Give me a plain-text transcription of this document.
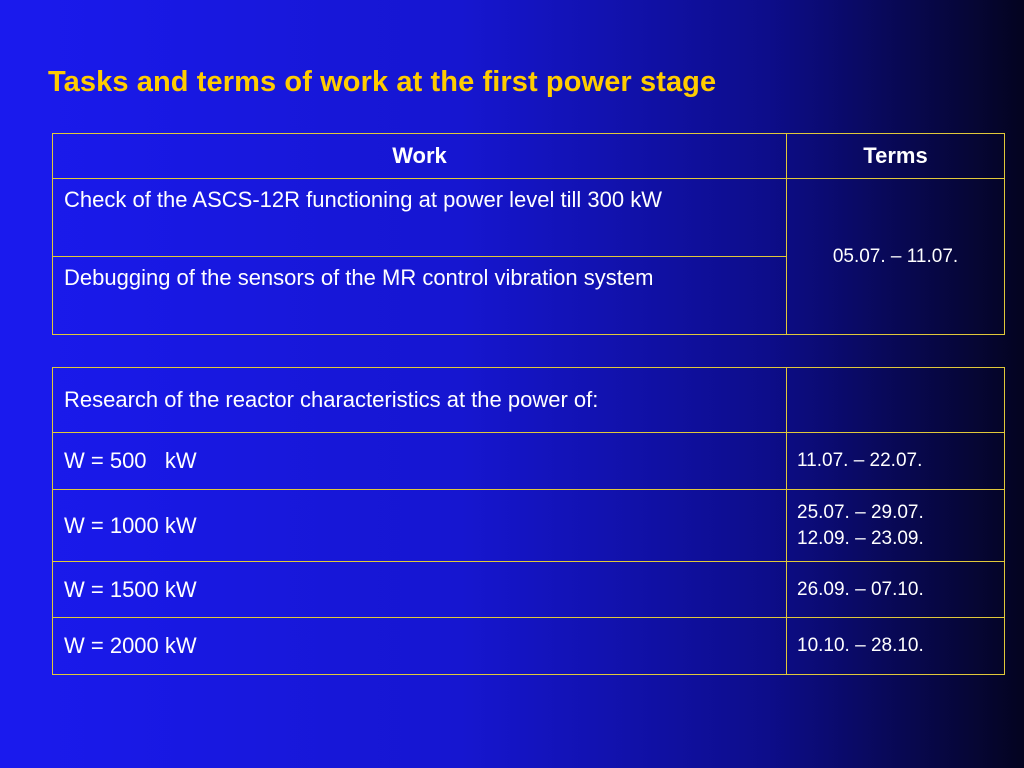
Tasks and terms of work at the first power stage
Work	Terms
Check of the ASCS-12R functioning at power level till 300 kW	05.07. – 11.07.
Debugging of the sensors of the MR control vibration system	
Research of the reactor characteristics at the power of:	
W = 500   kW	11.07. – 22.07.

W = 1000 kW	25.07. – 29.07.
12.09. – 23.09.

W = 1500 kW	26.09. – 07.10.

W = 2000 kW	10.10. – 28.10.
